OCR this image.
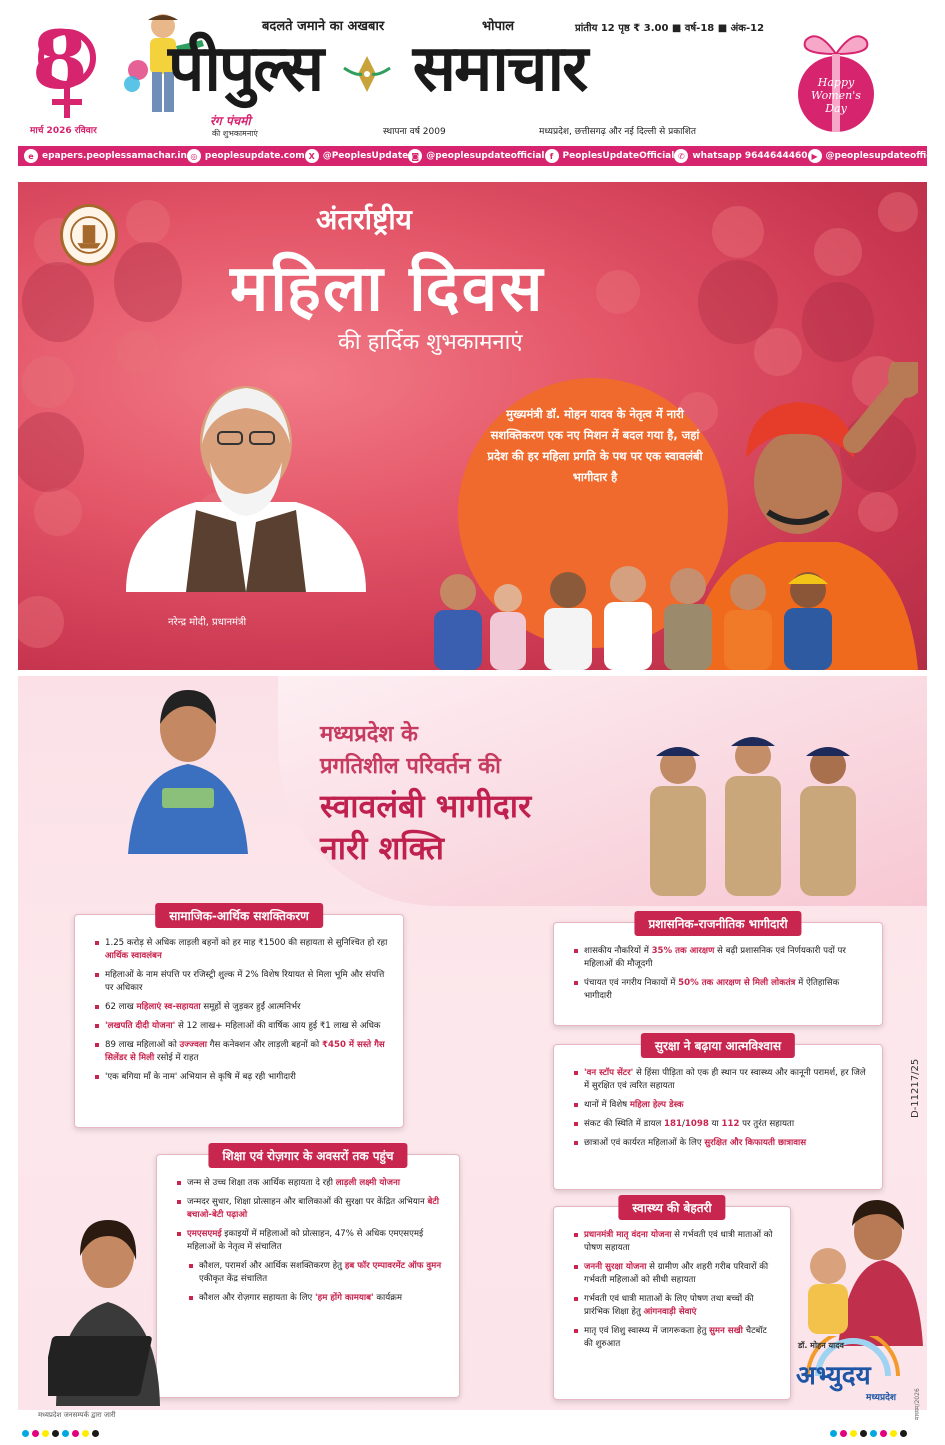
8
मार्च 2026 रविवार
रंग पंचमी
की शुभकामनाएं
बदलते जमाने का अखबार
पीपुल्स समाचार
भोपाल	प्रांतीय 12 पृष्ठ ₹ 3.00 ■ वर्ष-18 ■ अंक-12
स्थापना वर्ष 2009	मध्यप्रदेश, छत्तीसगढ़ और नई दिल्ली से प्रकाशित
Happy Women's Day
e epapers.peoplessamachar.in ◎ peoplesupdate.com X @PeoplesUpdate ◙ @peoplesupdateofficial f	PeoplesUpdateOfficial ✆ whatsapp 9644644460 ▶ @peoplesupdateofficial
अंतर्राष्ट्रीय
महिला दिवस
की हार्दिक शुभकामनाएं
नरेन्द्र मोदी, प्रधानमंत्री
मुख्यमंत्री डॉ. मोहन यादव के नेतृत्व में नारी सशक्तिकरण एक नए मिशन में बदल गया है, जहां प्रदेश की हर महिला प्रगति के पथ पर एक स्वावलंबी भागीदार है
मध्यप्रदेश के
प्रगतिशील परिवर्तन की
स्वावलंबी भागीदार
नारी शक्ति
सामाजिक-आर्थिक सशक्तिकरण
1.25 करोड़ से अधिक लाड़ली बहनों को हर माह ₹1500 की सहायता से सुनिश्चित हो रहा आर्थिक स्वावलंबन
महिलाओं के नाम संपत्ति पर रजिस्ट्री शुल्क में 2% विशेष रियायत से मिला भूमि और संपत्ति पर अधिकार
62 लाख महिलाएं स्व-सहायता समूहों से जुड़कर हुईं आत्मनिर्भर
'लखपति दीदी योजना' से 12 लाख+ महिलाओं की वार्षिक आय हुई ₹1 लाख से अधिक
89 लाख महिलाओं को उज्ज्वला गैस कनेक्शन और लाड़ली बहनों को ₹450 में सस्ते गैस सिलेंडर से मिली रसोई में राहत
'एक बगिया माँ के नाम' अभियान से कृषि में बढ़ रही भागीदारी
शिक्षा एवं रोज़गार के अवसरों तक पहुंच
जन्म से उच्च शिक्षा तक आर्थिक सहायता दे रही लाड़ली लक्ष्मी योजना
जन्मदर सुधार, शिक्षा प्रोत्साहन और बालिकाओं की सुरक्षा पर केंद्रित अभियान बेटी बचाओ-बेटी पढ़ाओ
एमएसएमई इकाइयों में महिलाओं को प्रोत्साहन, 47% से अधिक एमएसएमई महिलाओं के नेतृत्व में संचालित
कौशल, परामर्श और आर्थिक सशक्तिकरण हेतु हब फॉर एम्पावरमेंट ऑफ वुमन एकीकृत केंद्र संचालित
कौशल और रोज़गार सहायता के लिए 'हम होंगे कामयाब' कार्यक्रम
प्रशासनिक-राजनीतिक भागीदारी
शासकीय नौकरियों में 35% तक आरक्षण से बढ़ी प्रशासनिक एवं निर्णयकारी पदों पर महिलाओं की मौजूदगी
पंचायत एवं नगरीय निकायों में 50% तक आरक्षण से मिली लोकतंत्र में ऐतिहासिक भागीदारी
सुरक्षा ने बढ़ाया आत्मविश्वास
'वन स्टॉप सेंटर' से हिंसा पीड़िता को एक ही स्थान पर स्वास्थ्य और कानूनी परामर्श, हर जिले में सुरक्षित एवं त्वरित सहायता
थानों में विशेष महिला हेल्प डेस्क
संकट की स्थिति में डायल 181/1098 या 112 पर तुरंत सहायता
छात्राओं एवं कार्यरत महिलाओं के लिए सुरक्षित और किफायती छात्रावास
स्वास्थ्य की बेहतरी
प्रधानमंत्री मातृ वंदना योजना से गर्भवती एवं धात्री माताओं को पोषण सहायता
जननी सुरक्षा योजना से ग्रामीण और शहरी गरीब परिवारों की गर्भवती महिलाओं को सीधी सहायता
गर्भवती एवं धात्री माताओं के लिए पोषण तथा बच्चों की प्रारंभिक शिक्षा हेतु आंगनवाड़ी सेवाएं
मातृ एवं शिशु स्वास्थ्य में जागरूकता हेतु सुमन सखी चैटबॉट की शुरुआत	डॉ. मोहन यादव
अभ्युदय
मध्यप्रदेश
मध्यप्रदेश जनसम्पर्क द्वारा जारी
D-11217/25
माध्यम/2026
